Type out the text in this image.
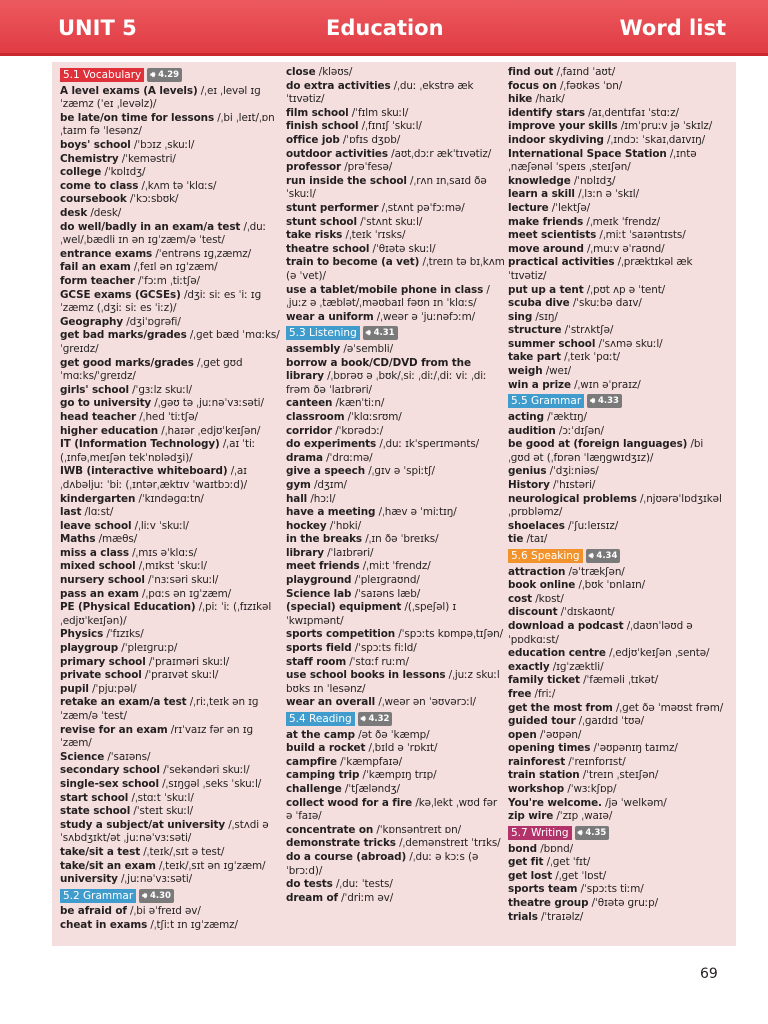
UNIT 5	Education	Word list
5.1 Vocabulary 🔊︎ 4.29
A level exams (A levels) /ˌeɪ ˌlevəl ɪɡˈzæmz (ˈeɪ ˌlevəlz)/
be late/on time for lessons /ˌbi ˌleɪt/ˌɒn ˌtaɪm fə ˈlesənz/
boys' school /ˈbɔɪz ˌskuːl/
Chemistry /ˈkeməstri/
college /ˈkɒlɪdʒ/
come to class /ˌkʌm tə ˈklɑːs/
coursebook /ˈkɔːsbʊk/
desk /desk/
do well/badly in an exam/a test /ˌduː ˌwel/ˌbædli ɪn ən ɪɡˈzæm/ə ˈtest/
entrance exams /ˈentrəns ɪɡˌzæmz/
fail an exam /ˌfeɪl ən ɪɡˈzæm/
form teacher /ˈfɔːm ˌtiːtʃə/
GCSE exams (GCSEs) /dʒiː siː es ˈiː ɪɡˈzæmz (ˌdʒiː siː es ˈiːz)/
Geography /dʒiˈɒɡrəfi/
get bad marks/grades /ˌɡet bæd ˈmɑːks/ˈɡreɪdz/
get good marks/grades /ˌɡet ɡʊd ˈmɑːks/ˈɡreɪdz/
girls' school /ˈɡɜːlz skuːl/
go to university /ˌɡəʊ tə ˌjuːnəˈvɜːsəti/
head teacher /ˌhed ˈtiːtʃə/
higher education /ˌhaɪər ˌedjʊˈkeɪʃən/
IT (Information Technology) /ˌaɪ ˈtiː (ˌɪnfəˌmeɪʃən tekˈnɒlədʒi)/
IWB (interactive whiteboard) /ˌaɪ ˌdʌbəljuː ˈbiː (ˌɪntərˌæktɪv ˈwaɪtbɔːd)/
kindergarten /ˈkɪndəɡɑːtn/
last /lɑːst/
leave school /ˌliːv ˈskuːl/
Maths /mæθs/
miss a class /ˌmɪs əˈklɑːs/
mixed school /ˌmɪkst ˈskuːl/
nursery school /ˈnɜːsəri skuːl/
pass an exam /ˌpɑːs ən ɪɡˈzæm/
PE (Physical Education) /ˌpiː ˈiː (ˌfɪzɪkəl ˌedjʊˈkeɪʃən)/
Physics /ˈfɪzɪks/
playgroup /ˈpleɪɡruːp/
primary school /ˈpraɪməri skuːl/
private school /ˈpraɪvət skuːl/
pupil /ˈpjuːpəl/
retake an exam/a test /ˌriːˌteɪk ən ɪɡˈzæm/ə ˈtest/
revise for an exam /rɪˈvaɪz fər ən ɪɡˈzæm/
Science /ˈsaɪəns/
secondary school /ˈsekəndəri skuːl/
single-sex school /ˌsɪŋɡəl ˌseks ˈskuːl/
start school /ˌstɑːt ˈskuːl/
state school /ˈsteɪt skuːl/
study a subject/at university /ˌstʌdi ə ˈsʌbdʒɪkt/ət ˌjuːnəˈvɜːsəti/
take/sit a test /ˌteɪk/ˌsɪt ə test/
take/sit an exam /ˌteɪk/ˌsɪt ən ɪɡˈzæm/
university /ˌjuːnəˈvɜːsəti/
5.2 Grammar 🔊︎ 4.30
be afraid of /ˌbi əˈfreɪd əv/
cheat in exams /ˌtʃiːt ɪn ɪɡˈzæmz/
close /kləʊs/
do extra activities /ˌduː ˌekstrə ækˈtɪvətiz/
film school /ˈfɪlm skuːl/
finish school /ˌfɪnɪʃ ˈskuːl/
office job /ˈɒfɪs dʒɒb/
outdoor activities /aʊtˌdɔːr ækˈtɪvətiz/
professor /prəˈfesə/
run inside the school /ˌrʌn ɪnˌsaɪd ðə ˈskuːl/
stunt performer /ˌstʌnt pəˈfɔːmə/
stunt school /ˈstʌnt skuːl/
take risks /ˌteɪk ˈrɪsks/
theatre school /ˈθɪətə skuːl/
train to become (a vet) /ˌtreɪn tə bɪˌkʌm (ə ˈvet)/
use a tablet/mobile phone in class /ˌjuːz ə ˌtæblət/ˌməʊbaɪl fəʊn ɪn ˈklɑːs/
wear a uniform /ˌweər ə ˈjuːnəfɔːm/
5.3 Listening 🔊︎ 4.31
assembly /əˈsembli/
borrow a book/CD/DVD from the library /ˌbɒrəʊ ə ˌbʊk/ˌsiː ˌdiː/ˌdiː viː ˌdiː frəm ðə ˈlaɪbrəri/
canteen /kænˈtiːn/
classroom /ˈklɑːsrʊm/
corridor /ˈkɒrədɔː/
do experiments /ˌduː ɪkˈsperɪmənts/
drama /ˈdrɑːmə/
give a speech /ˌɡɪv ə ˈspiːtʃ/
gym /dʒɪm/
hall /hɔːl/
have a meeting /ˌhæv ə ˈmiːtɪŋ/
hockey /ˈhɒki/
in the breaks /ˌɪn ðə ˈbreɪks/
library /ˈlaɪbrəri/
meet friends /ˌmiːt ˈfrendz/
playground /ˈpleɪɡraʊnd/
Science lab /ˈsaɪəns læb/
(special) equipment /(ˌspeʃəl) ɪˈkwɪpmənt/
sports competition /ˈspɔːts kɒmpəˌtɪʃən/
sports field /ˈspɔːts fiːld/
staff room /ˈstɑːf ruːm/
use school books in lessons /ˌjuːz skuːl bʊks ɪn ˈlesənz/
wear an overall /ˌweər ən ˈəʊvərɔːl/
5.4 Reading 🔊︎ 4.32
at the camp /ət ðə ˈkæmp/
build a rocket /ˌbɪld ə ˈrɒkɪt/
campfire /ˈkæmpfaɪə/
camping trip /ˈkæmpɪŋ trɪp/
challenge /ˈtʃæləndʒ/
collect wood for a fire /kəˌlekt ˌwʊd fər ə ˈfaɪə/
concentrate on /ˈkɒnsəntreɪt ɒn/
demonstrate tricks /ˌdemənstreɪt ˈtrɪks/
do a course (abroad) /ˌduː ə kɔːs (əˈbrɔːd)/
do tests /ˌduː ˈtests/
dream of /ˈdriːm əv/
find out /ˌfaɪnd ˈaʊt/
focus on /ˌfəʊkəs ˈɒn/
hike /haɪk/
identify stars /aɪˌdentɪfaɪ ˈstɑːz/
improve your skills /ɪmˈpruːv jə ˈskɪlz/
indoor skydiving /ˌɪndɔː ˈskaɪˌdaɪvɪŋ/
International Space Station /ˌɪntəˌnæʃənəl ˈspeɪs ˌsteɪʃən/
knowledge /ˈnɒlɪdʒ/
learn a skill /ˌlɜːn ə ˈskɪl/
lecture /ˈlektʃə/
make friends /ˌmeɪk ˈfrendz/
meet scientists /ˌmiːt ˈsaɪəntɪsts/
move around /ˌmuːv əˈraʊnd/
practical activities /ˌpræktɪkəl ækˈtɪvətiz/
put up a tent /ˌpʊt ʌp ə ˈtent/
scuba dive /ˈskuːbə daɪv/
sing /sɪŋ/
structure /ˈstrʌktʃə/
summer school /ˈsʌmə skuːl/
take part /ˌteɪk ˈpɑːt/
weigh /weɪ/
win a prize /ˌwɪn əˈpraɪz/
5.5 Grammar 🔊︎ 4.33
acting /ˈæktɪŋ/
audition /ɔːˈdɪʃən/
be good at (foreign languages) /bi ˌɡʊd ət (ˌfɒrən ˈlæŋɡwɪdʒɪz)/
genius /ˈdʒiːniəs/
History /ˈhɪstəri/
neurological problems /ˌnjʊərəˈlɒdʒɪkəl ˌprɒbləmz/
shoelaces /ˈʃuːleɪsɪz/
tie /taɪ/
5.6 Speaking 🔊︎ 4.34
attraction /əˈtrækʃən/
book online /ˌbʊk ˈɒnlaɪn/
cost /kɒst/
discount /ˈdɪskaʊnt/
download a podcast /ˌdaʊnˈləʊd ə ˈpɒdkɑːst/
education centre /ˌedjʊˈkeɪʃən ˌsentə/
exactly /ɪɡˈzæktli/
family ticket /ˈfæməli ˌtɪkət/
free /friː/
get the most from /ˌɡet ðə ˈməʊst frəm/
guided tour /ˌɡaɪdɪd ˈtʊə/
open /ˈəʊpən/
opening times /ˈəʊpənɪŋ taɪmz/
rainforest /ˈreɪnfɒrɪst/
train station /ˈtreɪn ˌsteɪʃən/
workshop /ˈwɜːkʃɒp/
You're welcome. /jə ˈwelkəm/
zip wire /ˈzɪp ˌwaɪə/
5.7 Writing 🔊︎ 4.35
bond /bɒnd/
get fit /ˌɡet ˈfɪt/
get lost /ˌɡet ˈlɒst/
sports team /ˈspɔːts tiːm/
theatre group /ˈθɪətə ɡruːp/
trials /ˈtraɪəlz/
69
